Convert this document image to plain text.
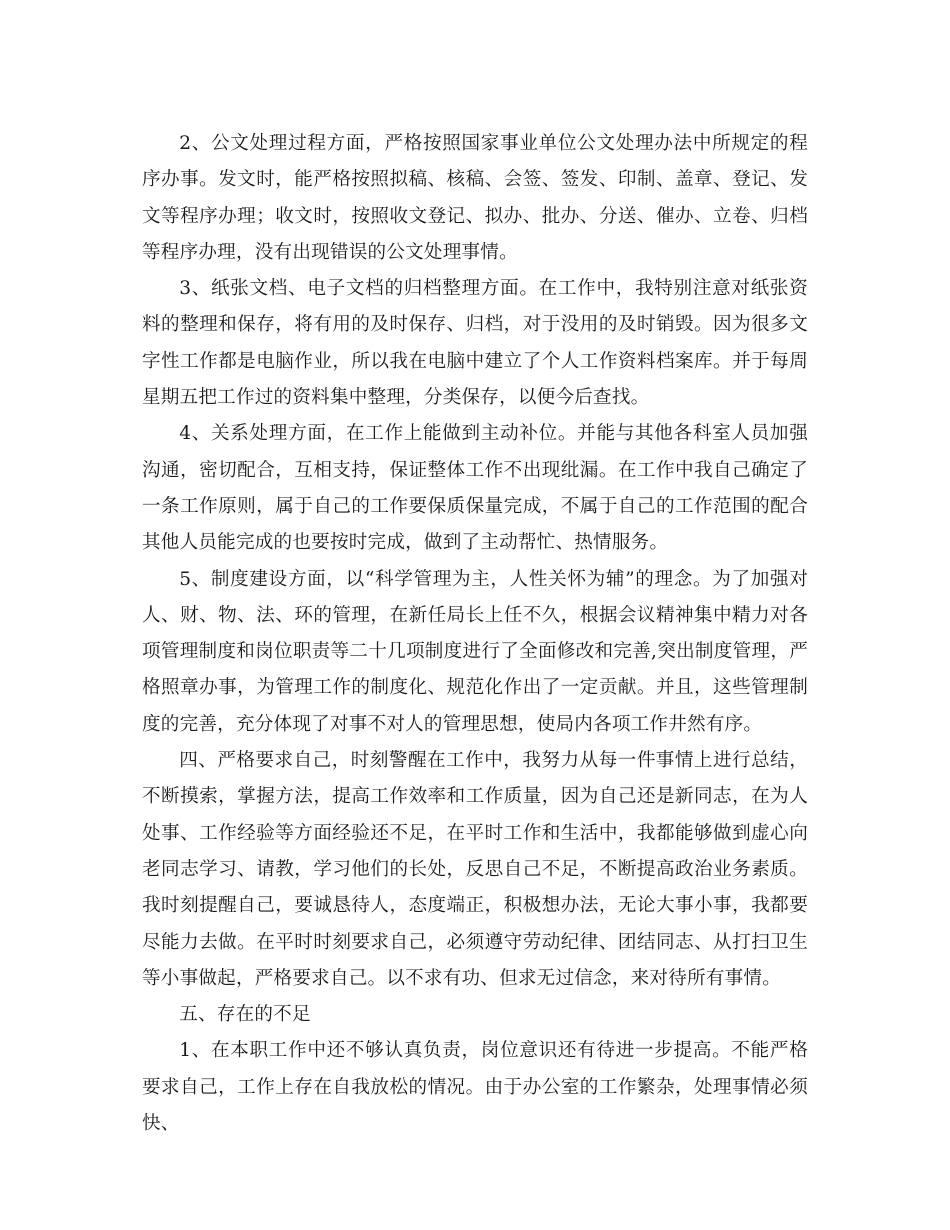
2、公文处理过程方面，严格按照国家事业单位公文处理办法中所规定的程序办事。发文时，能严格按照拟稿、核稿、会签、签发、印制、盖章、登记、发文等程序办理；收文时，按照收文登记、拟办、批办、分送、催办、立卷、归档等程序办理，没有出现错误的公文处理事情。

3、纸张文档、电子文档的归档整理方面。在工作中，我特别注意对纸张资料的整理和保存，将有用的及时保存、归档，对于没用的及时销毁。因为很多文字性工作都是电脑作业，所以我在电脑中建立了个人工作资料档案库。并于每周星期五把工作过的资料集中整理，分类保存，以便今后查找。

4、关系处理方面，在工作上能做到主动补位。并能与其他各科室人员加强沟通，密切配合，互相支持，保证整体工作不出现纰漏。在工作中我自己确定了一条工作原则，属于自己的工作要保质保量完成，不属于自己的工作范围的配合其他人员能完成的也要按时完成，做到了主动帮忙、热情服务。

5、制度建设方面，以“科学管理为主，人性关怀为辅”的理念。为了加强对人、财、物、法、环的管理，在新任局长上任不久，根据会议精神集中精力对各项管理制度和岗位职责等二十几项制度进行了全面修改和完善,突出制度管理，严格照章办事，为管理工作的制度化、规范化作出了一定贡献。并且，这些管理制度的完善，充分体现了对事不对人的管理思想，使局内各项工作井然有序。

四、严格要求自己，时刻警醒在工作中，我努力从每一件事情上进行总结，不断摸索，掌握方法，提高工作效率和工作质量，因为自己还是新同志，在为人处事、工作经验等方面经验还不足，在平时工作和生活中，我都能够做到虚心向老同志学习、请教，学习他们的长处，反思自己不足，不断提高政治业务素质。我时刻提醒自己，要诚恳待人，态度端正，积极想办法，无论大事小事，我都要尽能力去做。在平时时刻要求自己，必须遵守劳动纪律、团结同志、从打扫卫生等小事做起，严格要求自己。以不求有功、但求无过信念，来对待所有事情。

五、存在的不足

1、在本职工作中还不够认真负责，岗位意识还有待进一步提高。不能严格要求自己，工作上存在自我放松的情况。由于办公室的工作繁杂，处理事情必须快、
